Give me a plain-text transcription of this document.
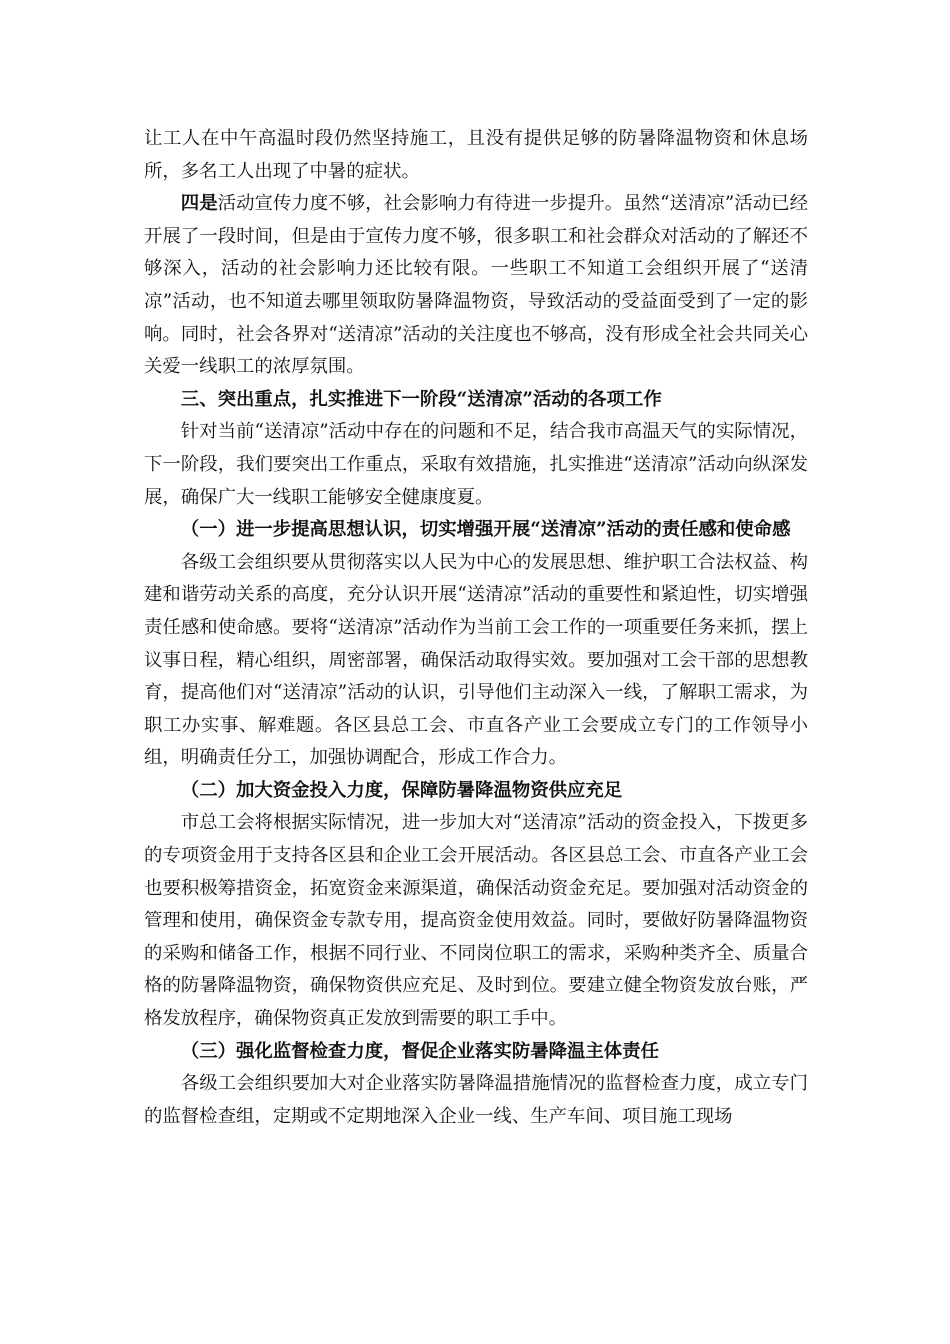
让工人在中午高温时段仍然坚持施工，且没有提供足够的防暑降温物资和休息场所，多名工人出现了中暑的症状。

四是活动宣传力度不够，社会影响力有待进一步提升。虽然“送清凉”活动已经开展了一段时间，但是由于宣传力度不够，很多职工和社会群众对活动的了解还不够深入，活动的社会影响力还比较有限。一些职工不知道工会组织开展了“送清凉”活动，也不知道去哪里领取防暑降温物资，导致活动的受益面受到了一定的影响。同时，社会各界对“送清凉”活动的关注度也不够高，没有形成全社会共同关心关爱一线职工的浓厚氛围。

三、突出重点，扎实推进下一阶段“送清凉”活动的各项工作

针对当前“送清凉”活动中存在的问题和不足，结合我市高温天气的实际情况，下一阶段，我们要突出工作重点，采取有效措施，扎实推进“送清凉”活动向纵深发展，确保广大一线职工能够安全健康度夏。

（一）进一步提高思想认识，切实增强开展“送清凉”活动的责任感和使命感

各级工会组织要从贯彻落实以人民为中心的发展思想、维护职工合法权益、构建和谐劳动关系的高度，充分认识开展“送清凉”活动的重要性和紧迫性，切实增强责任感和使命感。要将“送清凉”活动作为当前工会工作的一项重要任务来抓，摆上议事日程，精心组织，周密部署，确保活动取得实效。要加强对工会干部的思想教育，提高他们对“送清凉”活动的认识，引导他们主动深入一线，了解职工需求，为职工办实事、解难题。各区县总工会、市直各产业工会要成立专门的工作领导小组，明确责任分工，加强协调配合，形成工作合力。

（二）加大资金投入力度，保障防暑降温物资供应充足

市总工会将根据实际情况，进一步加大对“送清凉”活动的资金投入，下拨更多的专项资金用于支持各区县和企业工会开展活动。各区县总工会、市直各产业工会也要积极筹措资金，拓宽资金来源渠道，确保活动资金充足。要加强对活动资金的管理和使用，确保资金专款专用，提高资金使用效益。同时，要做好防暑降温物资的采购和储备工作，根据不同行业、不同岗位职工的需求，采购种类齐全、质量合格的防暑降温物资，确保物资供应充足、及时到位。要建立健全物资发放台账，严格发放程序，确保物资真正发放到需要的职工手中。

（三）强化监督检查力度，督促企业落实防暑降温主体责任

各级工会组织要加大对企业落实防暑降温措施情况的监督检查力度，成立专门的监督检查组，定期或不定期地深入企业一线、生产车间、项目施工现场
